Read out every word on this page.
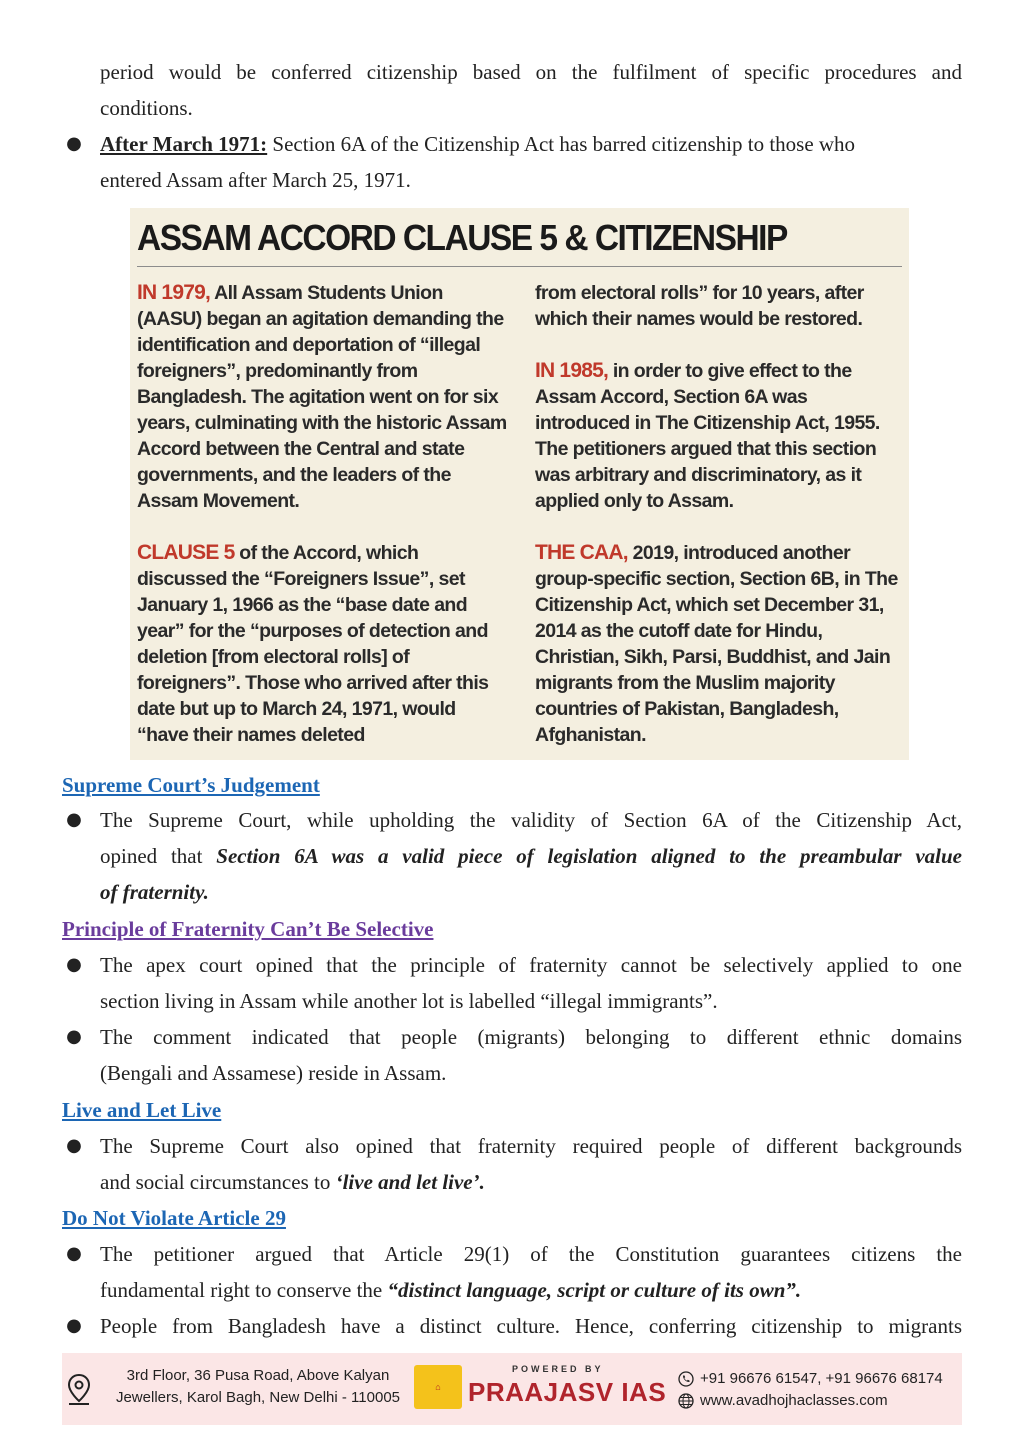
period would be conferred citizenship based on the fulfilment of specific procedures and
conditions.
● After March 1971: Section 6A of the Citizenship Act has barred citizenship to those who
entered Assam after March 25, 1971.
ASSAM ACCORD CLAUSE 5 & CITIZENSHIP

IN 1979, All Assam Students Union (AASU) began an agitation demanding the identification and deportation of “illegal foreigners”, predominantly from Bangladesh. The agitation went on for six years, culminating with the historic Assam Accord between the Central and state governments, and the leaders of the Assam Movement.

CLAUSE 5 of the Accord, which discussed the “Foreigners Issue”, set January 1, 1966 as the “base date and year” for the “purposes of detection and deletion [from electoral rolls] of foreigners”. Those who arrived after this date but up to March 24, 1971, would “have their names deleted

from electoral rolls” for 10 years, after which their names would be restored.

IN 1985, in order to give effect to the Assam Accord, Section 6A was introduced in The Citizenship Act, 1955. The petitioners argued that this section was arbitrary and discriminatory, as it applied only to Assam.

THE CAA, 2019, introduced another group-specific section, Section 6B, in The Citizenship Act, which set December 31, 2014 as the cutoff date for Hindu, Christian, Sikh, Parsi, Buddhist, and Jain migrants from the Muslim majority countries of Pakistan, Bangladesh, Afghanistan.

Supreme Court’s Judgement
● The Supreme Court, while upholding the validity of Section 6A of the Citizenship Act,
opined that Section 6A was a valid piece of legislation aligned to the preambular value
of fraternity.
Principle of Fraternity Can’t Be Selective
● The apex court opined that the principle of fraternity cannot be selectively applied to one
section living in Assam while another lot is labelled “illegal immigrants”.
● The comment indicated that people (migrants) belonging to different ethnic domains
(Bengali and Assamese) reside in Assam.
Live and Let Live
● The Supreme Court also opined that fraternity required people of different backgrounds
and social circumstances to ‘live and let live’.
Do Not Violate Article 29
● The petitioner argued that Article 29(1) of the Constitution guarantees citizens the
fundamental right to conserve the “distinct language, script or culture of its own”.
● People from Bangladesh have a distinct culture. Hence, conferring citizenship to migrants
3rd Floor, 36 Pusa Road, Above Kalyan
Jewellers, Karol Bagh, New Delhi - 110005
⌂
POWERED BY
PRAAJASV IAS	+91 96676 61547, +91 96676 68174
www.avadhojhaclasses.com
